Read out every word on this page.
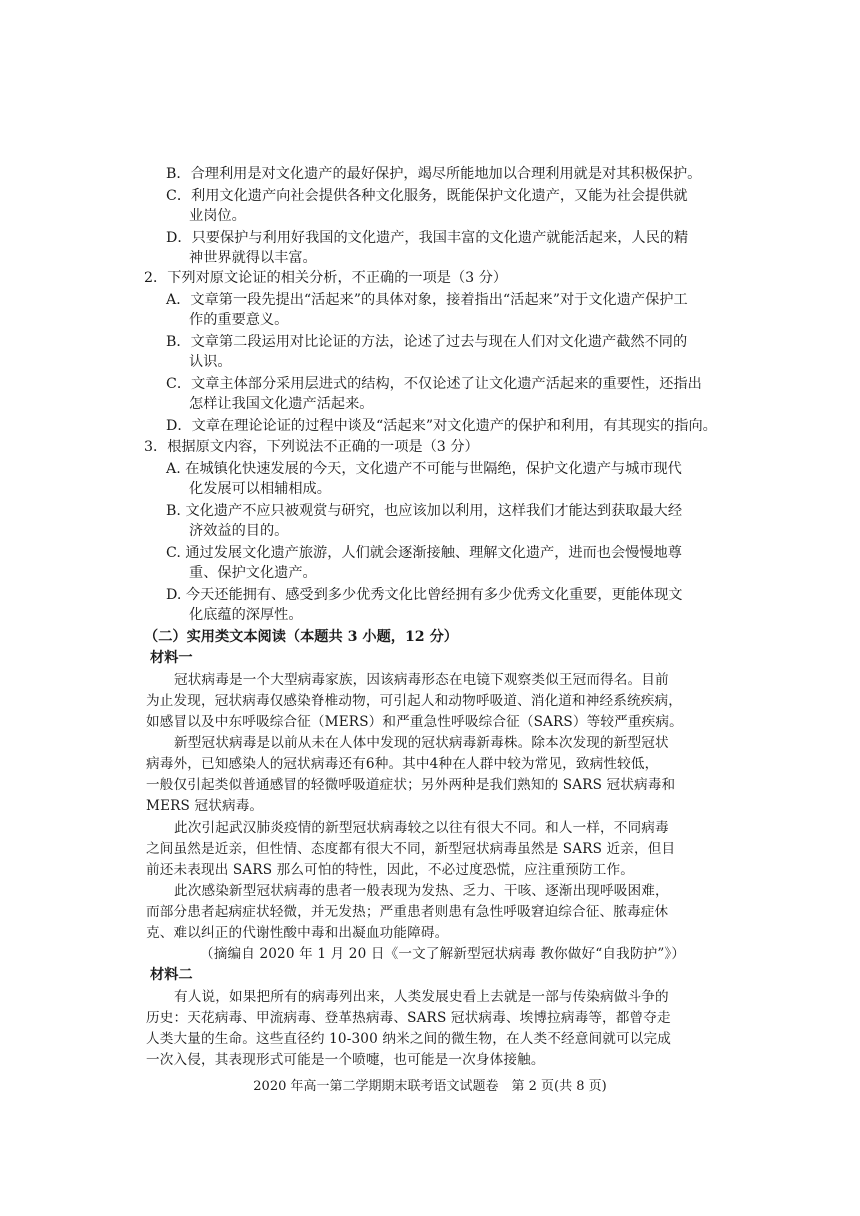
B．合理利用是对文化遗产的最好保护，竭尽所能地加以合理利用就是对其积极保护。
C．利用文化遗产向社会提供各种文化服务，既能保护文化遗产，又能为社会提供就
业岗位。
D．只要保护与利用好我国的文化遗产，我国丰富的文化遗产就能活起来，人民的精
神世界就得以丰富。
2．下列对原文论证的相关分析，不正确的一项是（3 分）
A．文章第一段先提出“活起来”的具体对象，接着指出“活起来”对于文化遗产保护工
作的重要意义。
B．文章第二段运用对比论证的方法，论述了过去与现在人们对文化遗产截然不同的
认识。
C．文章主体部分采用层进式的结构，不仅论述了让文化遗产活起来的重要性，还指出
怎样让我国文化遗产活起来。
D．文章在理论论证的过程中谈及“活起来”对文化遗产的保护和利用，有其现实的指向。
3．根据原文内容，下列说法不正确的一项是（3 分）
A. 在城镇化快速发展的今天，文化遗产不可能与世隔绝，保护文化遗产与城市现代
化发展可以相辅相成。
B. 文化遗产不应只被观赏与研究，也应该加以利用，这样我们才能达到获取最大经
济效益的目的。
C. 通过发展文化遗产旅游，人们就会逐渐接触、理解文化遗产，进而也会慢慢地尊
重、保护文化遗产。
D. 今天还能拥有、感受到多少优秀文化比曾经拥有多少优秀文化重要，更能体现文
化底蕴的深厚性。
（二）实用类文本阅读（本题共 3 小题，12 分）
材料一
冠状病毒是一个大型病毒家族，因该病毒形态在电镜下观察类似王冠而得名。目前
为止发现，冠状病毒仅感染脊椎动物，可引起人和动物呼吸道、消化道和神经系统疾病，
如感冒以及中东呼吸综合征（MERS）和严重急性呼吸综合征（SARS）等较严重疾病。
新型冠状病毒是以前从未在人体中发现的冠状病毒新毒株。除本次发现的新型冠状
病毒外，已知感染人的冠状病毒还有6种。其中4种在人群中较为常见，致病性较低，
一般仅引起类似普通感冒的轻微呼吸道症状；另外两种是我们熟知的 SARS 冠状病毒和
MERS 冠状病毒。
此次引起武汉肺炎疫情的新型冠状病毒较之以往有很大不同。和人一样，不同病毒
之间虽然是近亲，但性情、态度都有很大不同，新型冠状病毒虽然是 SARS 近亲，但目
前还未表现出 SARS 那么可怕的特性，因此，不必过度恐慌，应注重预防工作。
此次感染新型冠状病毒的患者一般表现为发热、乏力、干咳、逐渐出现呼吸困难，
而部分患者起病症状轻微，并无发热；严重患者则患有急性呼吸窘迫综合征、脓毒症休
克、难以纠正的代谢性酸中毒和出凝血功能障碍。
（摘编自 2020 年 1 月 20 日《一文了解新型冠状病毒 教你做好“自我防护”》）
材料二
有人说，如果把所有的病毒列出来，人类发展史看上去就是一部与传染病做斗争的
历史：天花病毒、甲流病毒、登革热病毒、SARS 冠状病毒、埃博拉病毒等，都曾夺走
人类大量的生命。这些直径约 10-300 纳米之间的微生物，在人类不经意间就可以完成
一次入侵，其表现形式可能是一个喷嚏，也可能是一次身体接触。
2020 年高一第二学期期末联考语文试题卷　第 2 页(共 8 页)
